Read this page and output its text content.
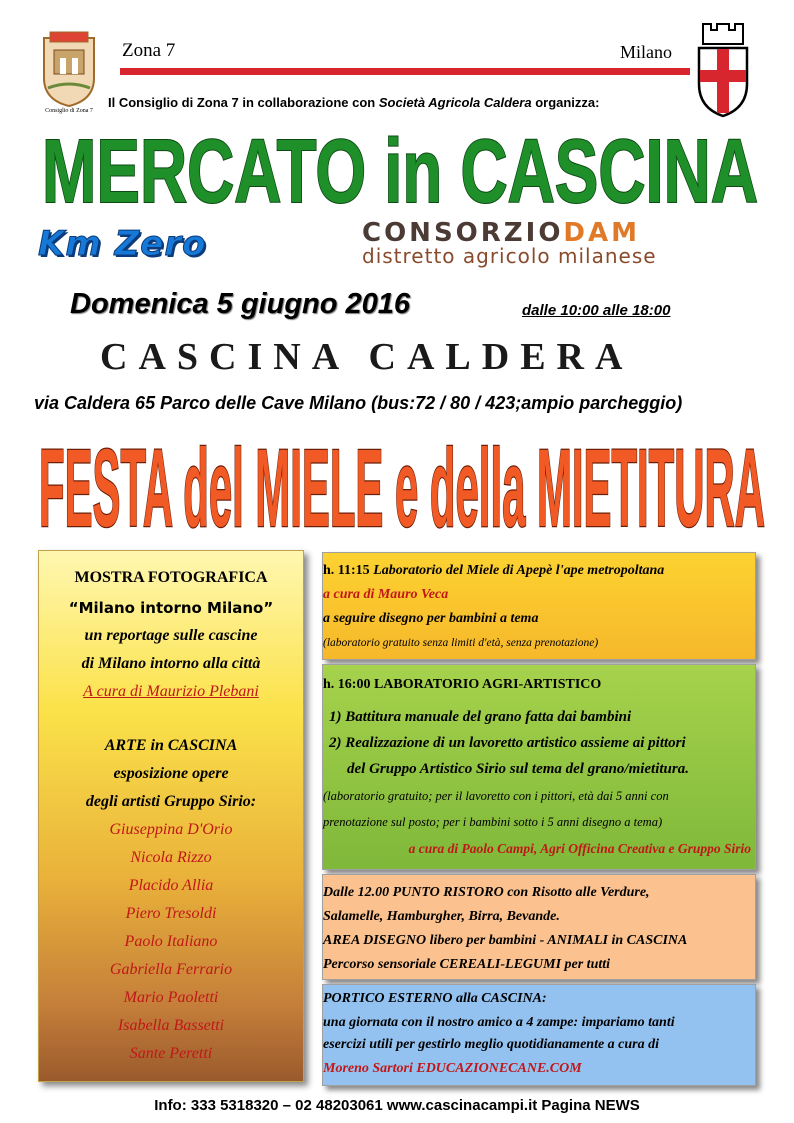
Consiglio di Zona 7
Zona 7	Milano
Il Consiglio di Zona 7 in collaborazione con Società Agricola Caldera organizza:
MERCATO in CASCINA
Km Zero	CONSORZIODAM
distretto agricolo milanese
Domenica 5 giugno 2016	dalle 10:00 alle 18:00
CASCINA CALDERA
via Caldera 65 Parco delle Cave Milano (bus:72 / 80 / 423;ampio parcheggio)
FESTA del MIELE e della MIETITURA
MOSTRA FOTOGRAFICA
“Milano intorno Milano”
un reportage sulle cascine
di Milano intorno alla città
A cura di Maurizio Plebani
ARTE in CASCINA
esposizione opere
degli artisti Gruppo Sirio:
Giuseppina D'Orio
Nicola Rizzo
Placido Allia
Piero Tresoldi
Paolo Italiano
Gabriella Ferrario
Mario Paoletti
Isabella Bassetti
Sante Peretti
h. 11:15 Laboratorio del Miele di Apepè l'ape metropoltana
a cura di Mauro Veca
a seguire disegno per bambini a tema
(laboratorio gratuito senza limiti d'età, senza prenotazione)
h. 16:00 LABORATORIO AGRI-ARTISTICO
1) Battitura manuale del grano fatta dai bambini
2) Realizzazione di un lavoretto artistico assieme ai pittori
del Gruppo Artistico Sirio sul tema del grano/mietitura.
(laboratorio gratuito; per il lavoretto con i pittori, età dai 5 anni con
prenotazione sul posto; per i bambini sotto i 5 anni disegno a tema)
a cura di Paolo Campi, Agri Officina Creativa e Gruppo Sirio
Dalle 12.00 PUNTO RISTORO con Risotto alle Verdure,
Salamelle, Hamburgher, Birra, Bevande.
AREA DISEGNO libero per bambini - ANIMALI in CASCINA
Percorso sensoriale CEREALI-LEGUMI per tutti
PORTICO ESTERNO alla CASCINA:
una giornata con il nostro amico a 4 zampe: impariamo tanti
esercizi utili per gestirlo meglio quotidianamente a cura di
Moreno Sartori EDUCAZIONECANE.COM
Info: 333 5318320 – 02 48203061 www.cascinacampi.it Pagina NEWS
